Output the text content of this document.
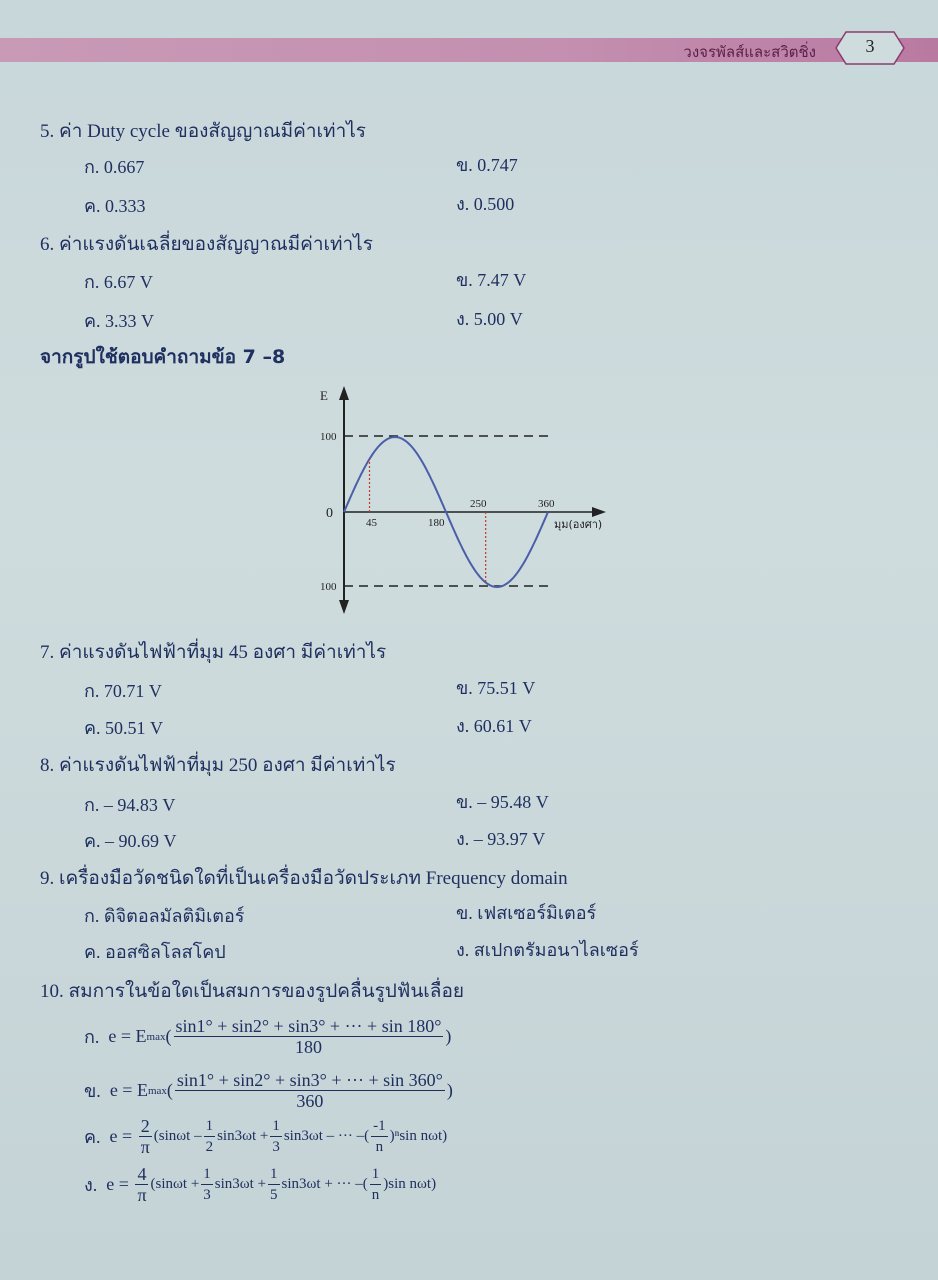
วงจรพัลส์และสวิตชิ่ง	3
5. ค่า Duty cycle ของสัญญาณมีค่าเท่าไร
ก. 0.667	ข. 0.747
ค. 0.333	ง. 0.500
6. ค่าแรงดันเฉลี่ยของสัญญาณมีค่าเท่าไร
ก. 6.67 V	ข. 7.47 V
ค. 3.33 V	ง. 5.00 V
จากรูปใช้ตอบคำถามข้อ 7 –8
E
100
0
100
45	180
250	360
มุม(องศา)
7. ค่าแรงดันไฟฟ้าที่มุม 45 องศา มีค่าเท่าไร
ก. 70.71 V	ข. 75.51 V
ค. 50.51 V	ง. 60.61 V
8. ค่าแรงดันไฟฟ้าที่มุม 250 องศา มีค่าเท่าไร
ก. – 94.83 V	ข. – 95.48 V
ค. – 90.69 V	ง. – 93.97 V
9. เครื่องมือวัดชนิดใดที่เป็นเครื่องมือวัดประเภท Frequency domain
ก. ดิจิตอลมัลติมิเตอร์	ข. เฟสเซอร์มิเตอร์
ค. ออสซิลโลสโคป	ง. สเปกตรัมอนาไลเซอร์
10. สมการในข้อใดเป็นสมการของรูปคลื่นรูปฟันเลื่อย
ก.
e = E max ( $\frac{\sin 1^\circ + \sin 2^\circ + \sin 3^\circ + \cdot\cdot\cdot + \sin 180^\circ}{180}$ )
ข.
e = E max ( $\frac{\sin 1^\circ + \sin 2^\circ + \sin 3^\circ + \cdot\cdot\cdot + \sin 360^\circ}{360}$ )
ค.
e =
$\frac{2}{\pi} (\sin\omega t - \frac{1}{2} \sin 3\omega t + \frac{1}{3} \sin 3\omega t$ – ··· –( $\frac{-1}{n} )^n\sin$ nωt)
ง.
e =
$\frac{4}{\pi} (\sin\omega t + \frac{1}{3} \sin 3\omega t + \frac{1}{5} \sin 3\omega t$ + ··· –( $\frac{1}{n} )\sin$ nωt)
